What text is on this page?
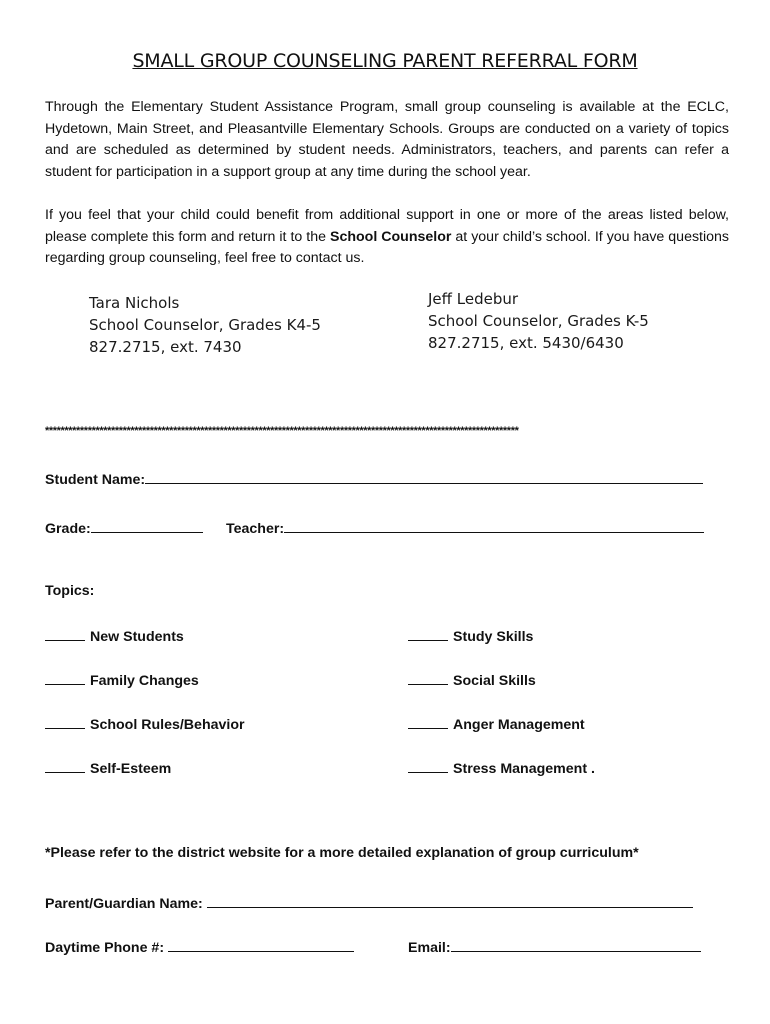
SMALL GROUP COUNSELING PARENT REFERRAL FORM
Through the Elementary Student Assistance Program, small group counseling is available at the ECLC, Hydetown, Main Street, and Pleasantville Elementary Schools. Groups are conducted on a variety of topics and are scheduled as determined by student needs. Administrators, teachers, and parents can refer a student for participation in a support group at any time during the school year.
If you feel that your child could benefit from additional support in one or more of the areas listed below, please complete this form and return it to the School Counselor at your child’s school. If you have questions regarding group counseling, feel free to contact us.
Tara Nichols
School Counselor, Grades K4-5
827.2715, ext. 7430
Jeff Ledebur
School Counselor, Grades K-5
827.2715, ext. 5430/6430
**************************************************************************************************************************
Student Name:
Grade:	Teacher:
Topics:
New Students
Family Changes
School Rules/Behavior
Self-Esteem
Study Skills
Social Skills
Anger Management
Stress Management .
*Please refer to the district website for a more detailed explanation of group curriculum*
Parent/Guardian Name:
Daytime Phone #:	Email:
